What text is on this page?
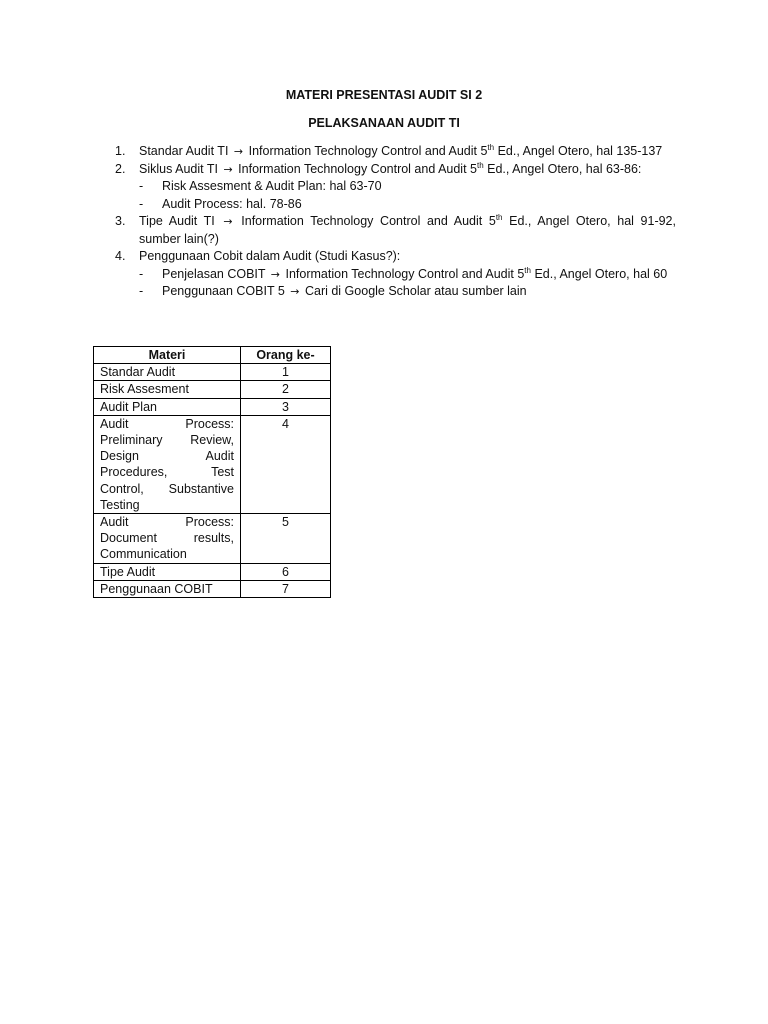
MATERI PRESENTASI AUDIT SI 2
PELAKSANAAN AUDIT TI
1. Standar Audit TI → Information Technology Control and Audit 5th Ed., Angel Otero, hal 135-137
2. Siklus Audit TI → Information Technology Control and Audit 5th Ed., Angel Otero, hal 63-86:
- Risk Assesment & Audit Plan: hal 63-70
- Audit Process: hal. 78-86
3. Tipe Audit TI → Information Technology Control and Audit 5th Ed., Angel Otero, hal 91-92, sumber lain(?)
4. Penggunaan Cobit dalam Audit (Studi Kasus?):
- Penjelasan COBIT → Information Technology Control and Audit 5th Ed., Angel Otero, hal 60
- Penggunaan COBIT 5 → Cari di Google Scholar atau sumber lain
Materi	Orang ke-
Standar Audit	1
Risk Assesment	2
Audit Plan	3
Audit Process: Preliminary Review, Design Audit Procedures, Test Control, Substantive Testing	4
Audit Process: Document results, Communication	5
Tipe Audit	6
Penggunaan COBIT	7
